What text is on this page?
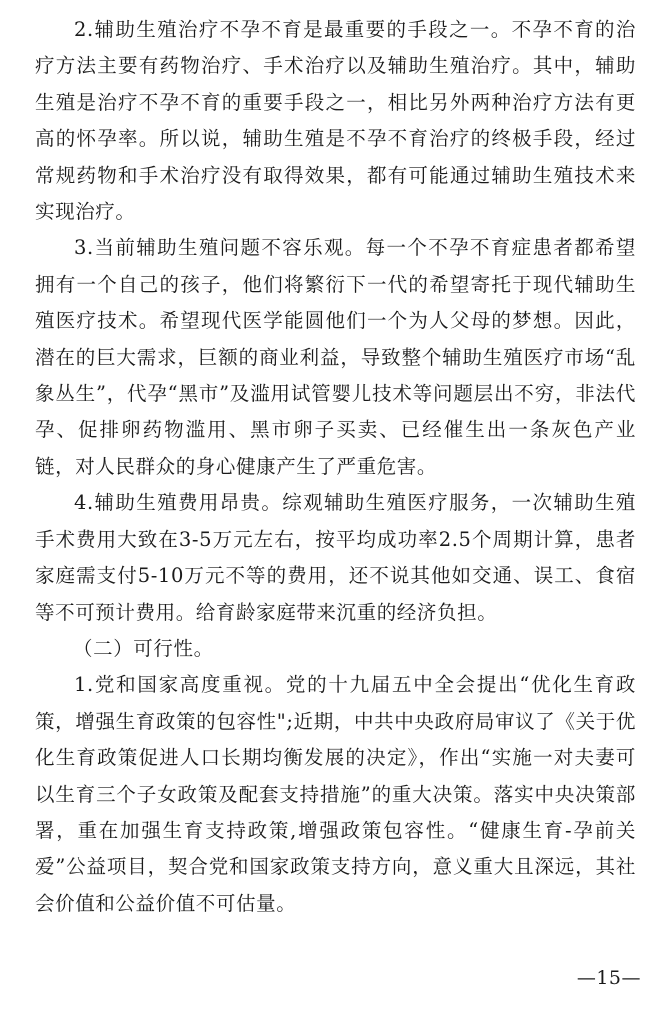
2.辅助生殖治疗不孕不育是最重要的手段之一。不孕不育的治疗方法主要有药物治疗、手术治疗以及辅助生殖治疗。其中，辅助生殖是治疗不孕不育的重要手段之一，相比另外两种治疗方法有更高的怀孕率。所以说，辅助生殖是不孕不育治疗的终极手段，经过常规药物和手术治疗没有取得效果，都有可能通过辅助生殖技术来实现治疗。

3.当前辅助生殖问题不容乐观。每一个不孕不育症患者都希望拥有一个自己的孩子，他们将繁衍下一代的希望寄托于现代辅助生殖医疗技术。希望现代医学能圆他们一个为人父母的梦想。因此，潜在的巨大需求，巨额的商业利益，导致整个辅助生殖医疗市场“乱象丛生”，代孕“黑市”及滥用试管婴儿技术等问题层出不穷，非法代孕、促排卵药物滥用、黑市卵子买卖、已经催生出一条灰色产业链，对人民群众的身心健康产生了严重危害。

4.辅助生殖费用昂贵。综观辅助生殖医疗服务，一次辅助生殖手术费用大致在3-5万元左右，按平均成功率2.5个周期计算，患者家庭需支付5-10万元不等的费用，还不说其他如交通、误工、食宿等不可预计费用。给育龄家庭带来沉重的经济负担。

（二）可行性。

1.党和国家高度重视。党的十九届五中全会提出“优化生育政策，增强生育政策的包容性";近期，中共中央政府局审议了《关于优化生育政策促进人口长期均衡发展的决定》，作出“实施一对夫妻可以生育三个子女政策及配套支持措施”的重大决策。落实中央决策部署，重在加强生育支持政策,增强政策包容性。“健康生育-孕前关爱”公益项目，契合党和国家政策支持方向，意义重大且深远，其社会价值和公益价值不可估量。

—15—
